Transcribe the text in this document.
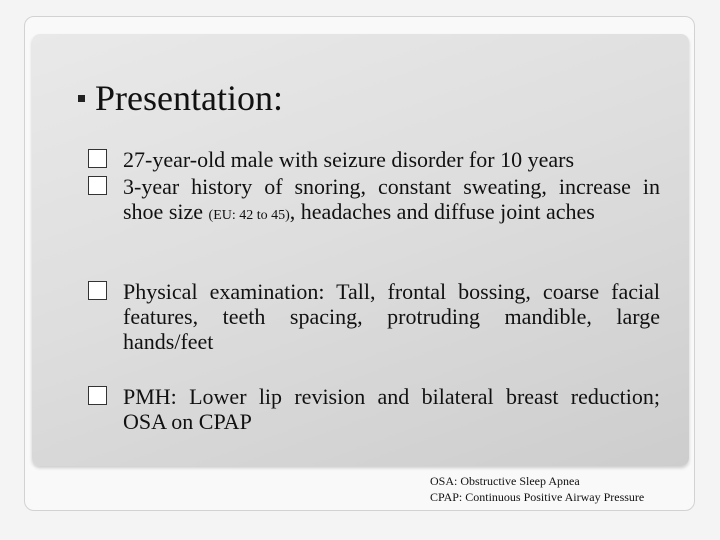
Presentation:
27-year-old male with seizure disorder for 10 years
3-year history of snoring, constant sweating, increase in shoe size (EU: 42 to 45), headaches and diffuse joint aches
Physical examination: Tall, frontal bossing, coarse facial features, teeth spacing, protruding mandible, large hands/feet
PMH: Lower lip revision and bilateral breast reduction; OSA on CPAP
OSA: Obstructive Sleep Apnea
CPAP: Continuous Positive Airway Pressure
